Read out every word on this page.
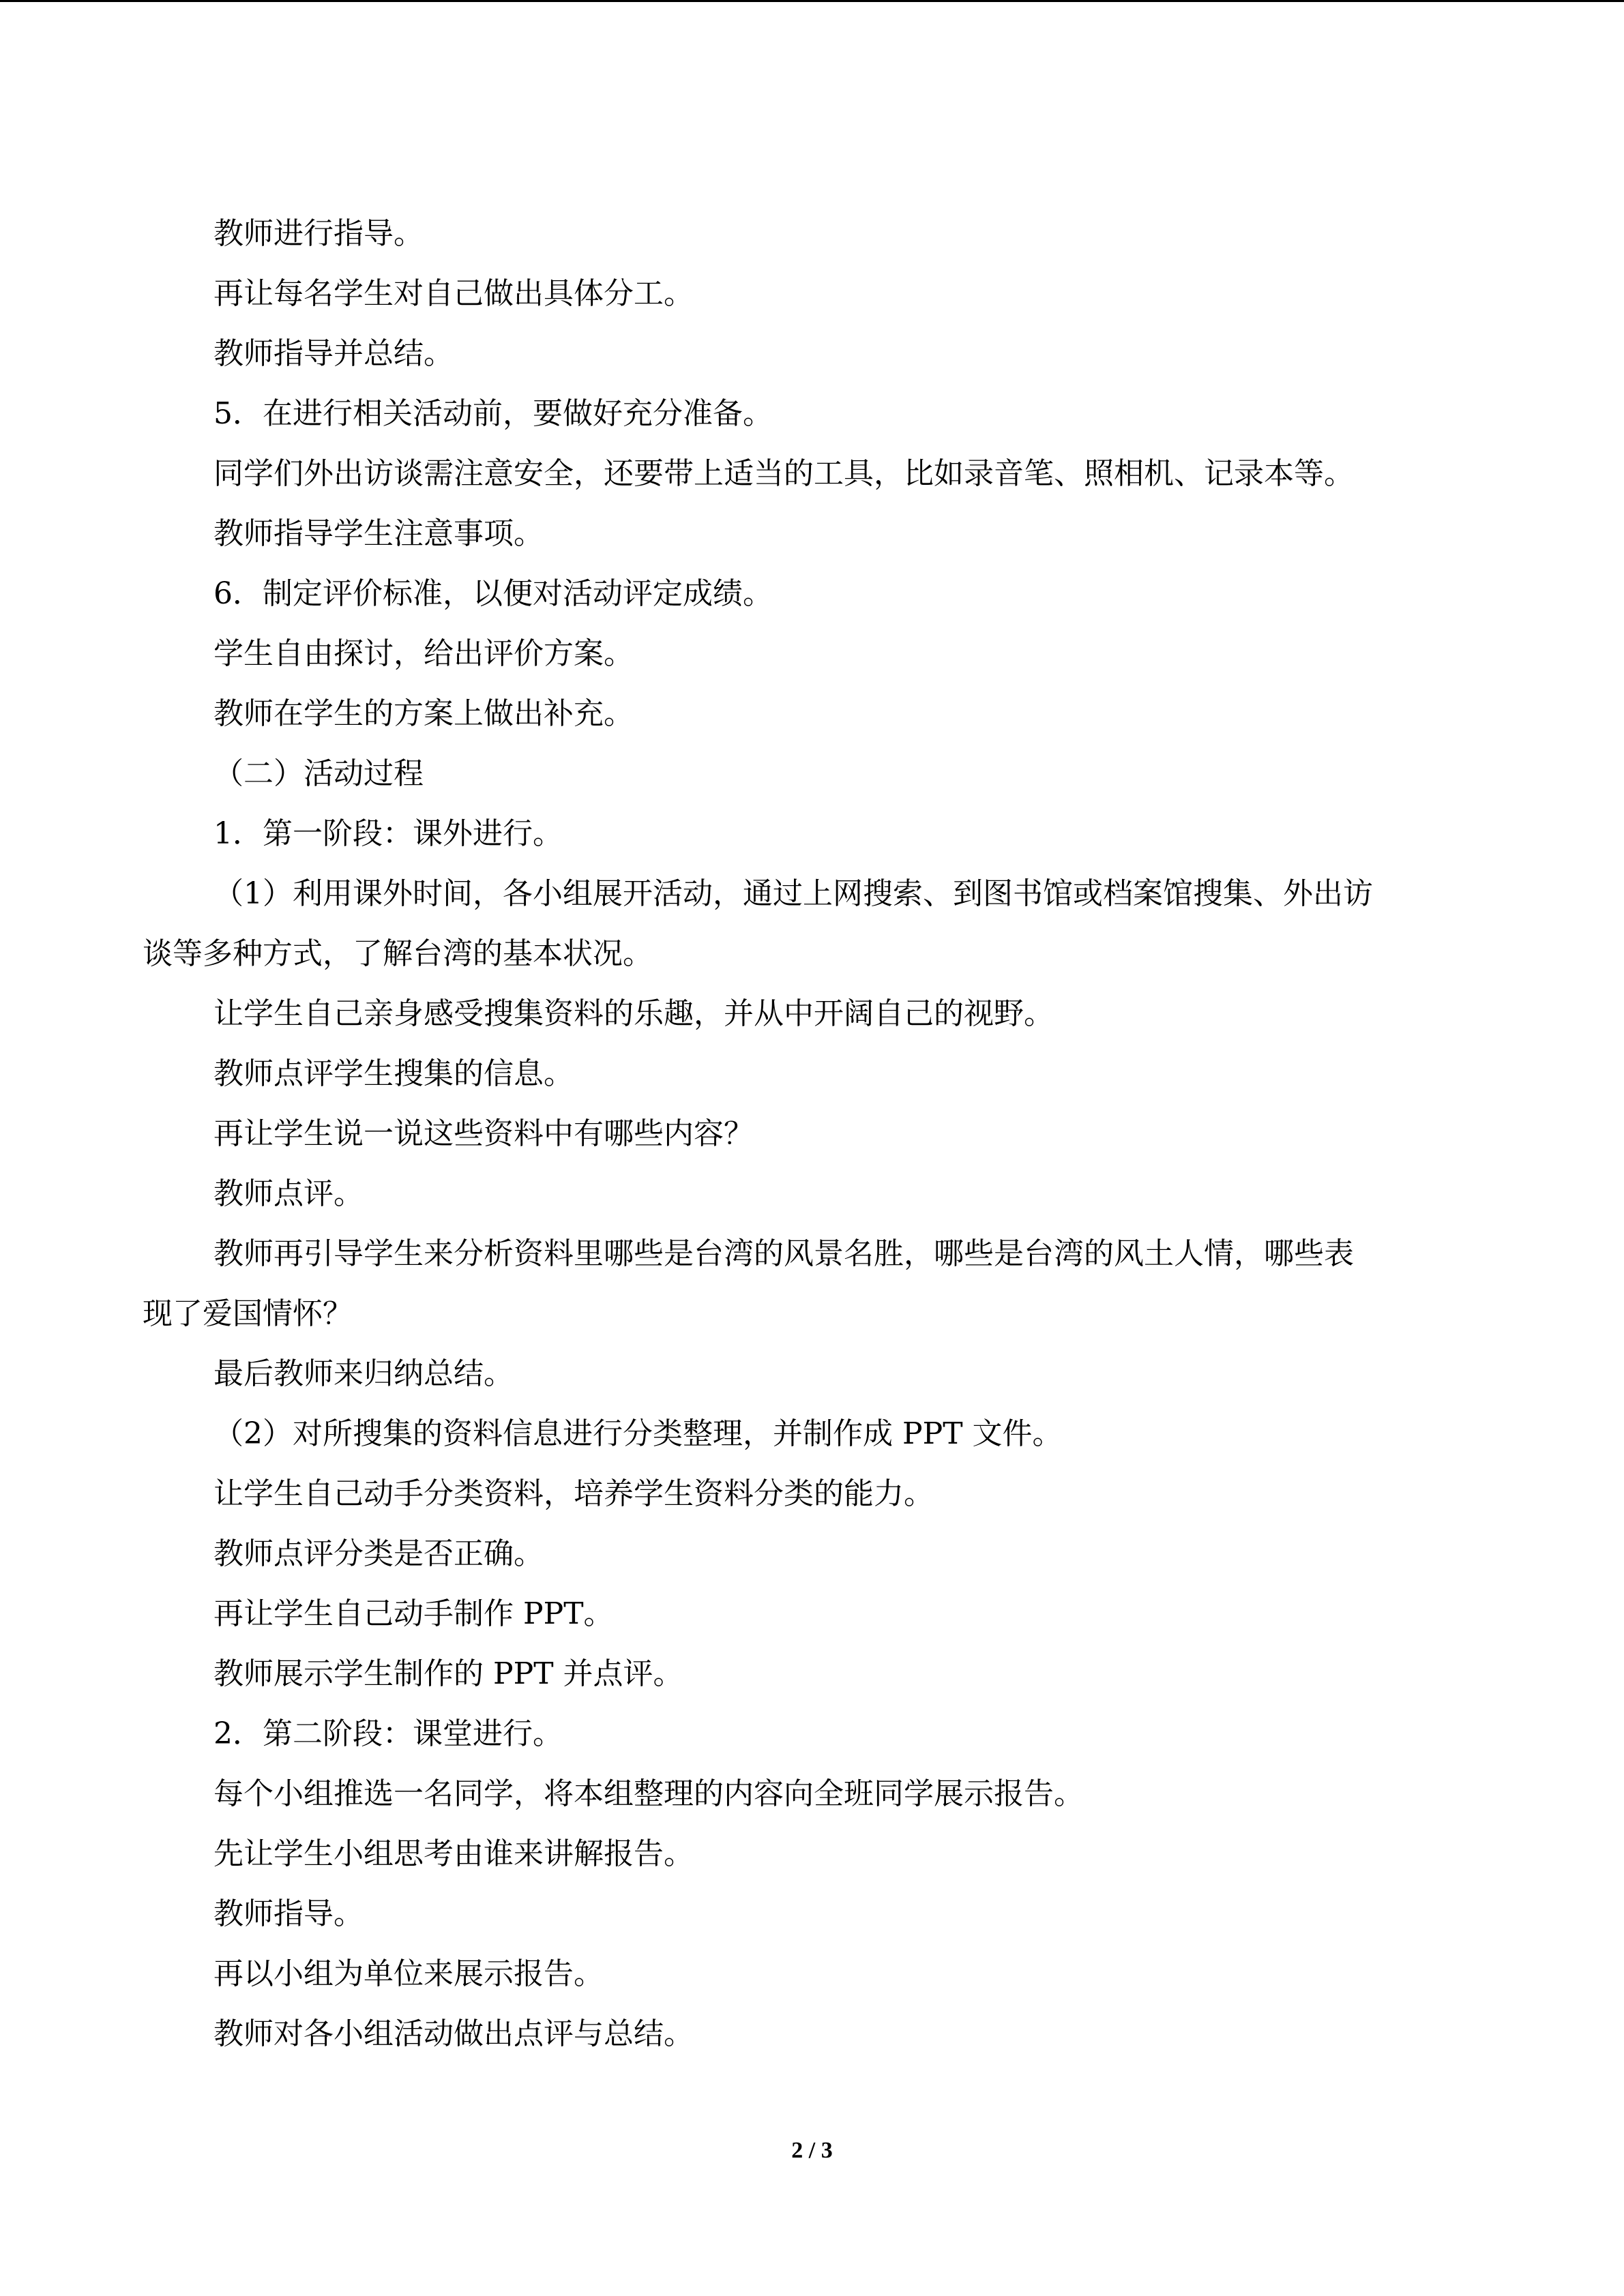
教师进行指导。

再让每名学生对自己做出具体分工。

教师指导并总结。

5．在进行相关活动前，要做好充分准备。

同学们外出访谈需注意安全，还要带上适当的工具，比如录音笔、照相机、记录本等。

教师指导学生注意事项。

6．制定评价标准，以便对活动评定成绩。

学生自由探讨，给出评价方案。

教师在学生的方案上做出补充。

（二）活动过程

1．第一阶段：课外进行。

（1）利用课外时间，各小组展开活动，通过上网搜索、到图书馆或档案馆搜集、外出访

谈等多种方式，了解台湾的基本状况。

让学生自己亲身感受搜集资料的乐趣，并从中开阔自己的视野。

教师点评学生搜集的信息。

再让学生说一说这些资料中有哪些内容？

教师点评。

教师再引导学生来分析资料里哪些是台湾的风景名胜，哪些是台湾的风土人情，哪些表

现了爱国情怀？

最后教师来归纳总结。

（2）对所搜集的资料信息进行分类整理，并制作成 PPT 文件。

让学生自己动手分类资料，培养学生资料分类的能力。

教师点评分类是否正确。

再让学生自己动手制作 PPT。

教师展示学生制作的 PPT 并点评。

2．第二阶段：课堂进行。

每个小组推选一名同学，将本组整理的内容向全班同学展示报告。

先让学生小组思考由谁来讲解报告。

教师指导。

再以小组为单位来展示报告。

教师对各小组活动做出点评与总结。

2 / 3
